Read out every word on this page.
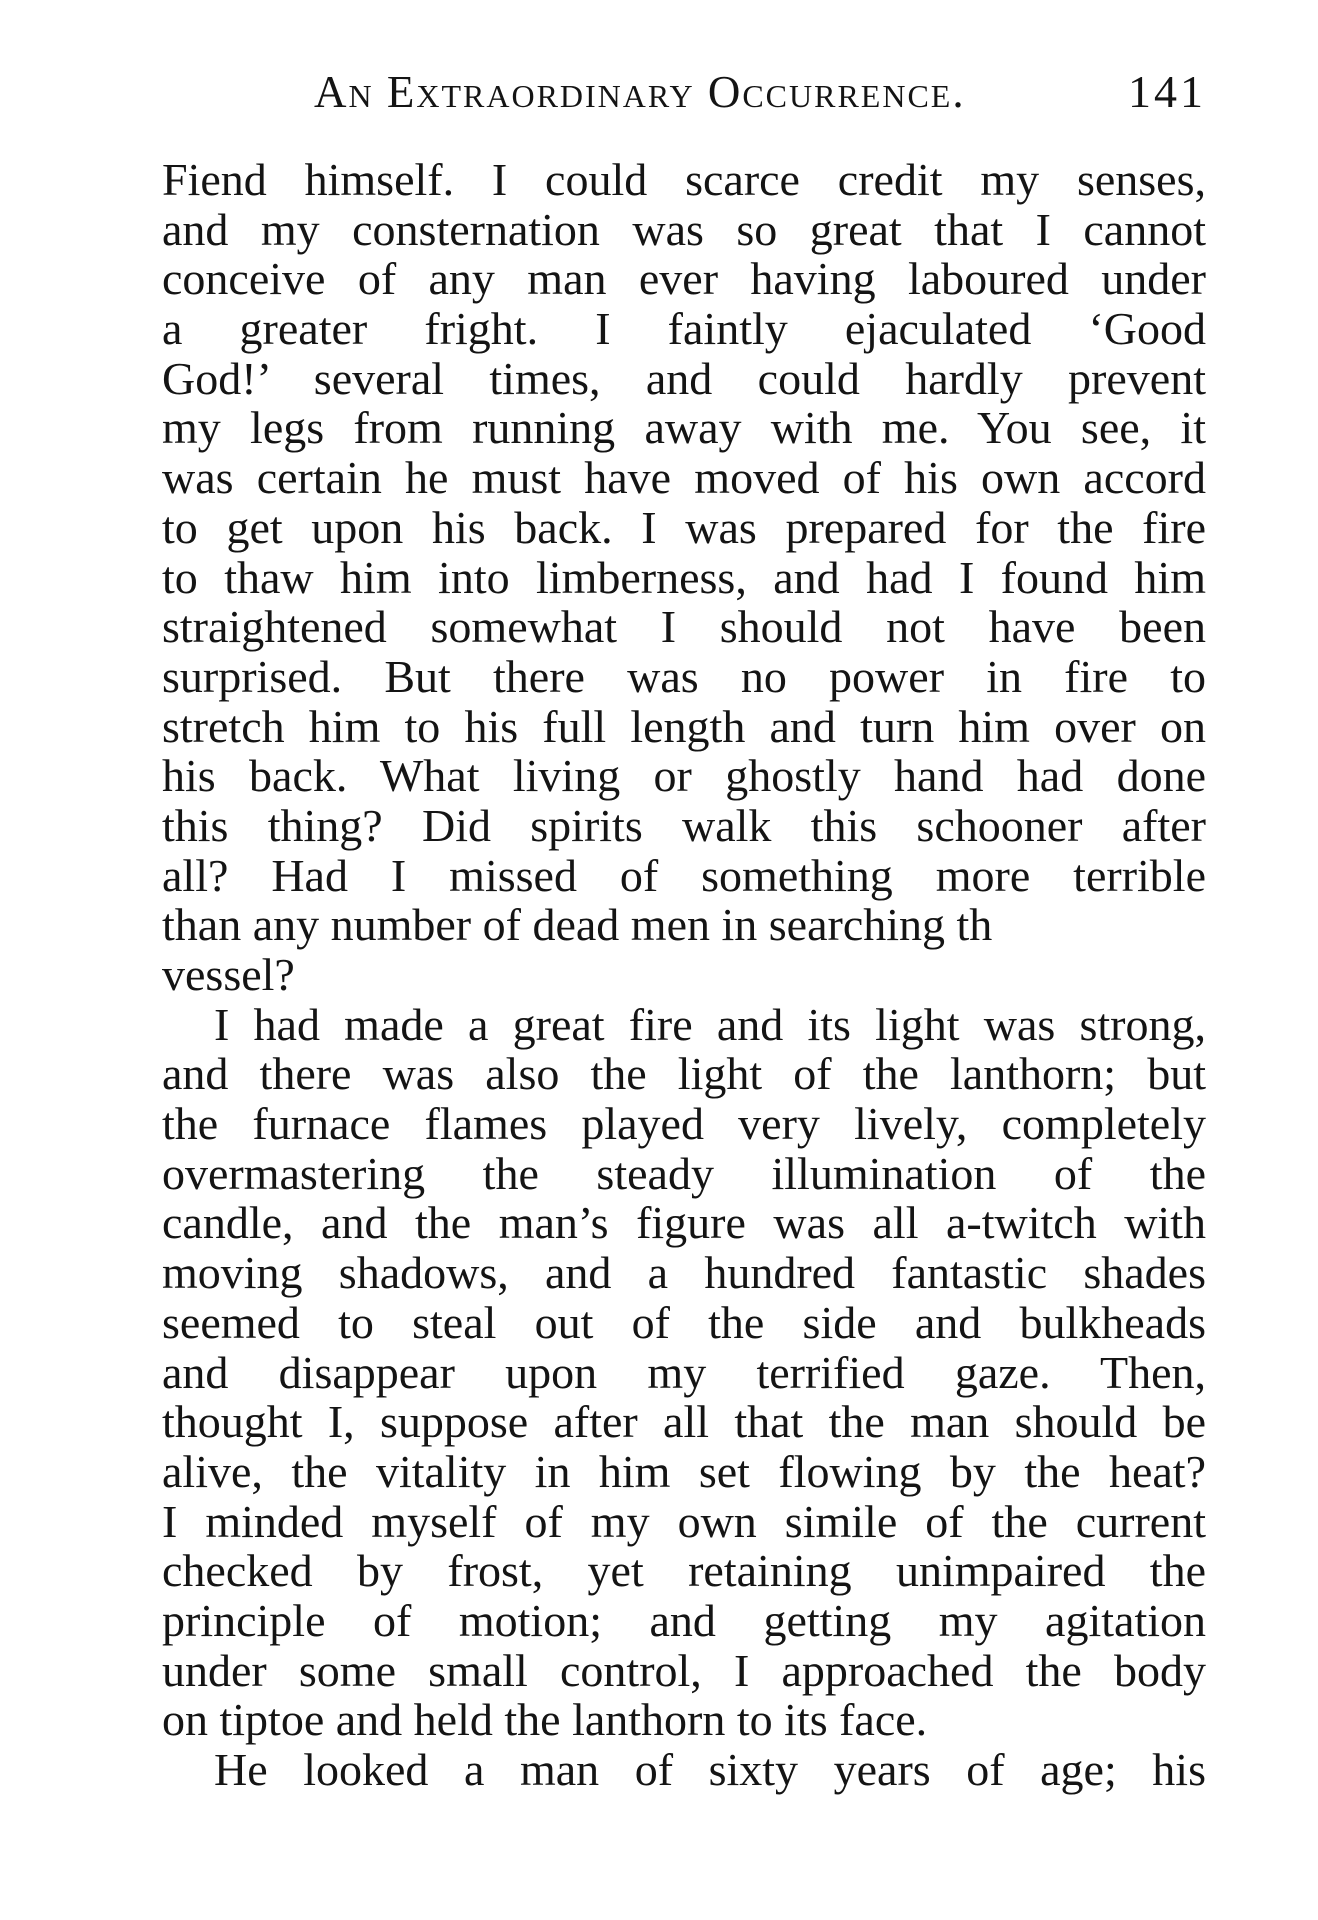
An Extraordinary Occurrence.	141
Fiend himself. I could scarce credit my senses,
and my consternation was so great that I cannot
conceive of any man ever having laboured under
a greater fright. I faintly ejaculated ‘Good
God!’ several times, and could hardly prevent
my legs from running away with me. You see, it
was certain he must have moved of his own accord
to get upon his back. I was prepared for the fire
to thaw him into limberness, and had I found him
straightened somewhat I should not have been
surprised. But there was no power in fire to
stretch him to his full length and turn him over on
his back. What living or ghostly hand had done
this thing? Did spirits walk this schooner after
all? Had I missed of something more terrible
than any number of dead men in searching th
vessel?
I had made a great fire and its light was strong,
and there was also the light of the lanthorn; but
the furnace flames played very lively, completely
overmastering the steady illumination of the
candle, and the man’s figure was all a-twitch with
moving shadows, and a hundred fantastic shades
seemed to steal out of the side and bulkheads
and disappear upon my terrified gaze. Then,
thought I, suppose after all that the man should be
alive, the vitality in him set flowing by the heat?
I minded myself of my own simile of the current
checked by frost, yet retaining unimpaired the
principle of motion; and getting my agitation
under some small control, I approached the body
on tiptoe and held the lanthorn to its face.
He looked a man of sixty years of age; his
